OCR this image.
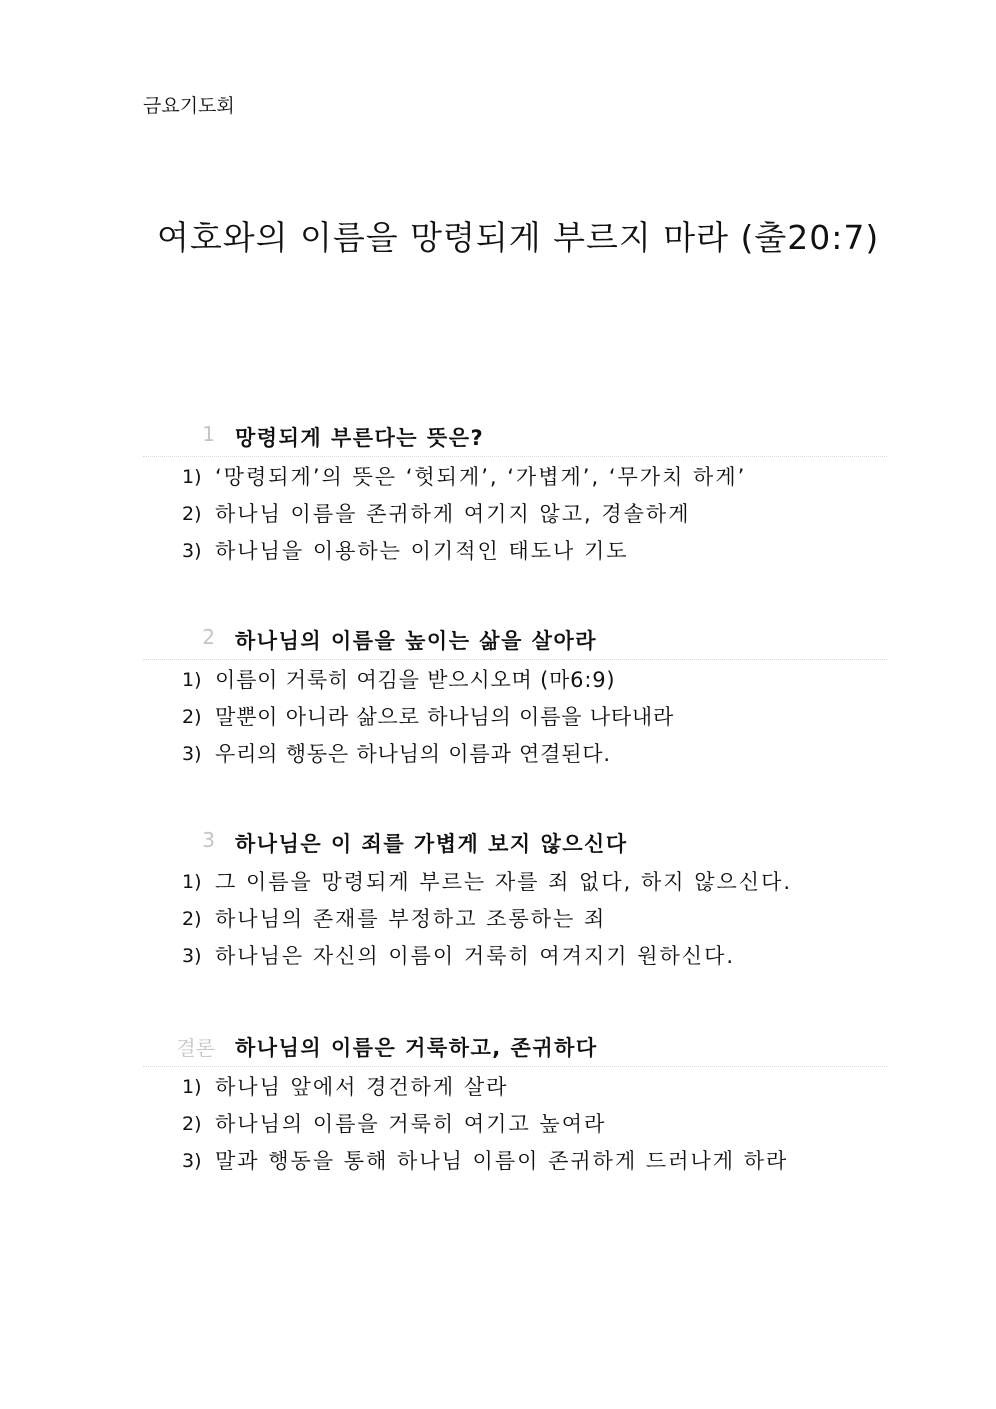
금요기도회
여호와의 이름을 망령되게 부르지 마라 (출20:7)
1 망령되게 부른다는 뜻은?
1) ‘망령되게’의 뜻은 ‘헛되게’, ‘가볍게’, ‘무가치 하게’
2) 하나님 이름을 존귀하게 여기지 않고, 경솔하게
3) 하나님을 이용하는 이기적인 태도나 기도
2 하나님의 이름을 높이는 삶을 살아라
1) 이름이 거룩히 여김을 받으시오며 (마6:9)
2) 말뿐이 아니라 삶으로 하나님의 이름을 나타내라
3) 우리의 행동은 하나님의 이름과 연결된다.
3 하나님은 이 죄를 가볍게 보지 않으신다
1) 그 이름을 망령되게 부르는 자를 죄 없다, 하지 않으신다.
2) 하나님의 존재를 부정하고 조롱하는 죄
3) 하나님은 자신의 이름이 거룩히 여겨지기 원하신다.
결론 하나님의 이름은 거룩하고, 존귀하다
1) 하나님 앞에서 경건하게 살라
2) 하나님의 이름을 거룩히 여기고 높여라
3) 말과 행동을 통해 하나님 이름이 존귀하게 드러나게 하라
